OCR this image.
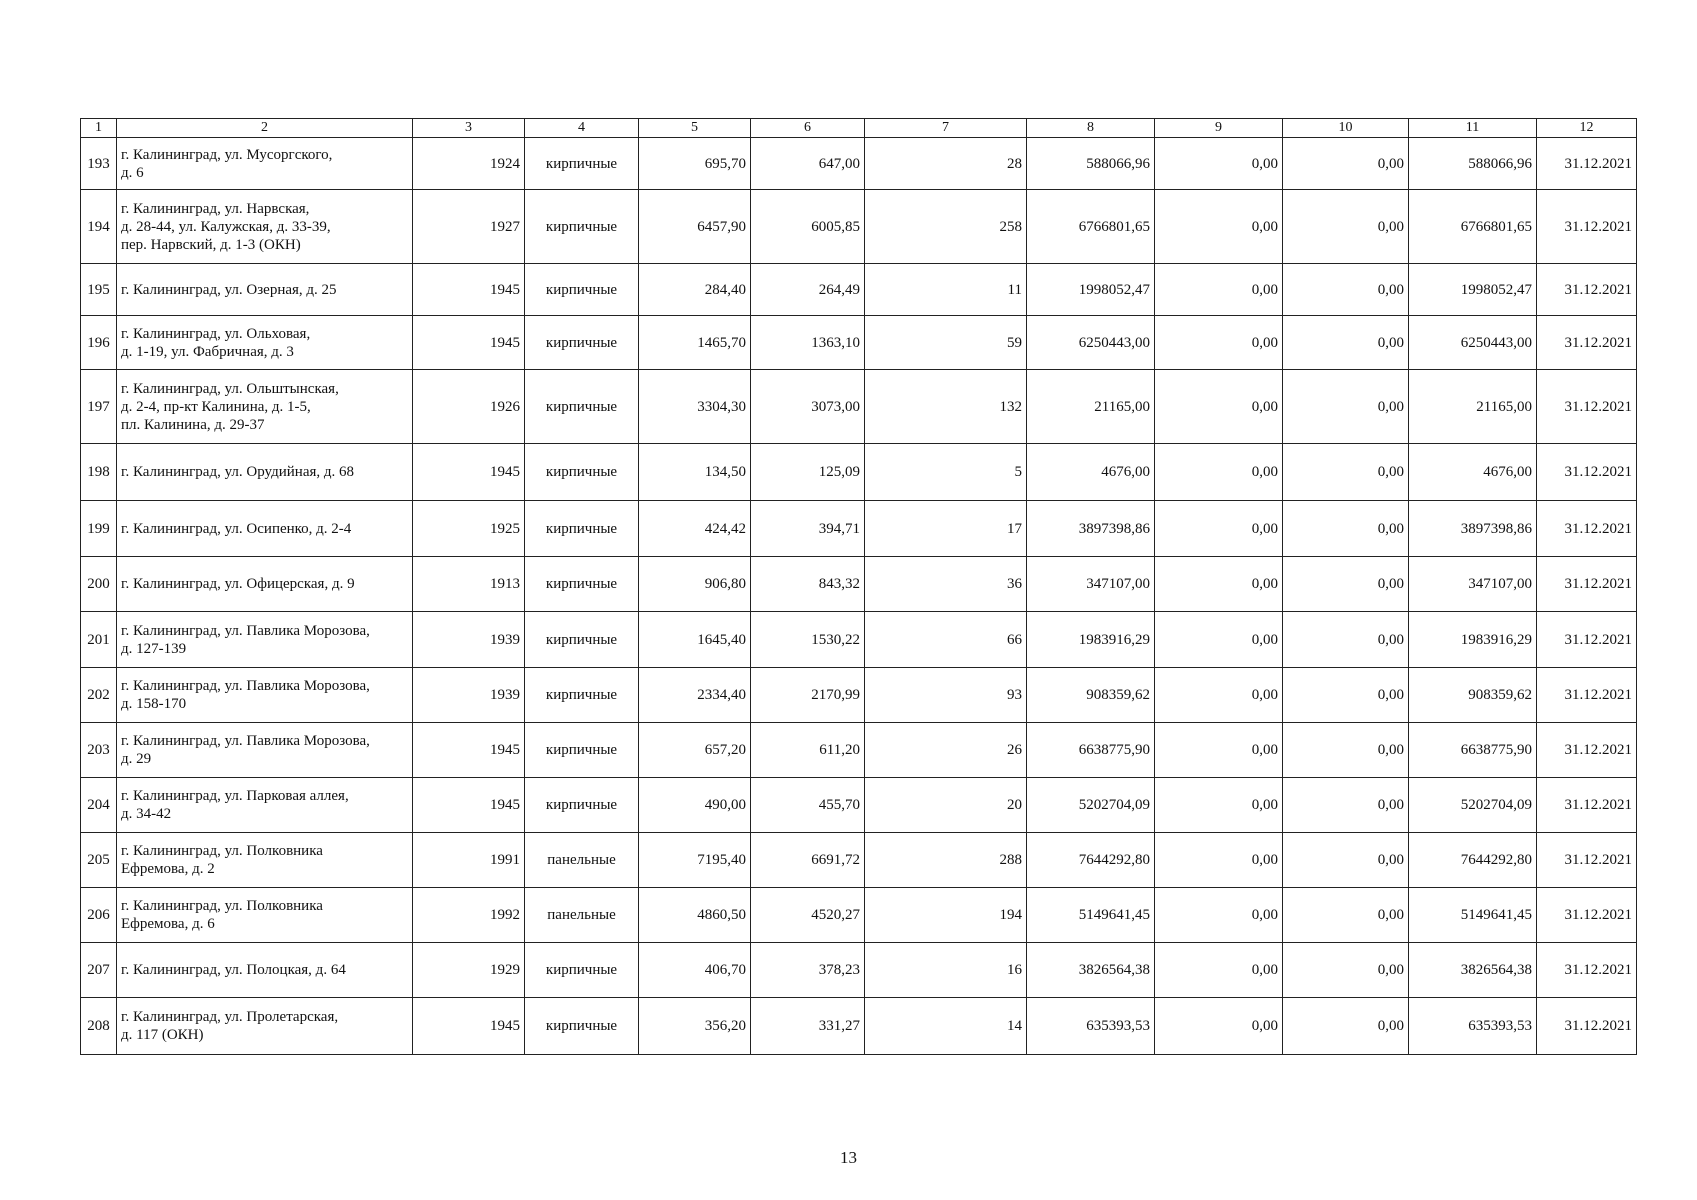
1	2	3	4	5	6	7	8	9	10	11	12
193	г. Калининград, ул. Мусоргского,
д. 6	1924	кирпичные	695,70	647,00	28	588066,96	0,00	0,00	588066,96	31.12.2021
194	г. Калининград, ул. Нарвская,
д. 28-44, ул. Калужская, д. 33-39,
пер. Нарвский, д. 1-3 (ОКН)	1927	кирпичные	6457,90	6005,85	258	6766801,65	0,00	0,00	6766801,65	31.12.2021
195	г. Калининград, ул. Озерная, д. 25	1945	кирпичные	284,40	264,49	11	1998052,47	0,00	0,00	1998052,47	31.12.2021
196	г. Калининград, ул. Ольховая,
д. 1-19, ул. Фабричная, д. 3	1945	кирпичные	1465,70	1363,10	59	6250443,00	0,00	0,00	6250443,00	31.12.2021
197	г. Калининград, ул. Ольштынская,
д. 2-4, пр-кт Калинина, д. 1-5,
пл. Калинина, д. 29-37	1926	кирпичные	3304,30	3073,00	132	21165,00	0,00	0,00	21165,00	31.12.2021
198	г. Калининград, ул. Орудийная, д. 68	1945	кирпичные	134,50	125,09	5	4676,00	0,00	0,00	4676,00	31.12.2021
199	г. Калининград, ул. Осипенко, д. 2-4	1925	кирпичные	424,42	394,71	17	3897398,86	0,00	0,00	3897398,86	31.12.2021
200	г. Калининград, ул. Офицерская, д. 9	1913	кирпичные	906,80	843,32	36	347107,00	0,00	0,00	347107,00	31.12.2021
201	г. Калининград, ул. Павлика Морозова,
д. 127-139	1939	кирпичные	1645,40	1530,22	66	1983916,29	0,00	0,00	1983916,29	31.12.2021
202	г. Калининград, ул. Павлика Морозова,
д. 158-170	1939	кирпичные	2334,40	2170,99	93	908359,62	0,00	0,00	908359,62	31.12.2021
203	г. Калининград, ул. Павлика Морозова,
д. 29	1945	кирпичные	657,20	611,20	26	6638775,90	0,00	0,00	6638775,90	31.12.2021
204	г. Калининград, ул. Парковая аллея,
д. 34-42	1945	кирпичные	490,00	455,70	20	5202704,09	0,00	0,00	5202704,09	31.12.2021
205	г. Калининград, ул. Полковника
Ефремова, д. 2	1991	панельные	7195,40	6691,72	288	7644292,80	0,00	0,00	7644292,80	31.12.2021
206	г. Калининград, ул. Полковника
Ефремова, д. 6	1992	панельные	4860,50	4520,27	194	5149641,45	0,00	0,00	5149641,45	31.12.2021
207	г. Калининград, ул. Полоцкая, д. 64	1929	кирпичные	406,70	378,23	16	3826564,38	0,00	0,00	3826564,38	31.12.2021
208	г. Калининград, ул. Пролетарская,
д. 117 (ОКН)	1945	кирпичные	356,20	331,27	14	635393,53	0,00	0,00	635393,53	31.12.2021
13
